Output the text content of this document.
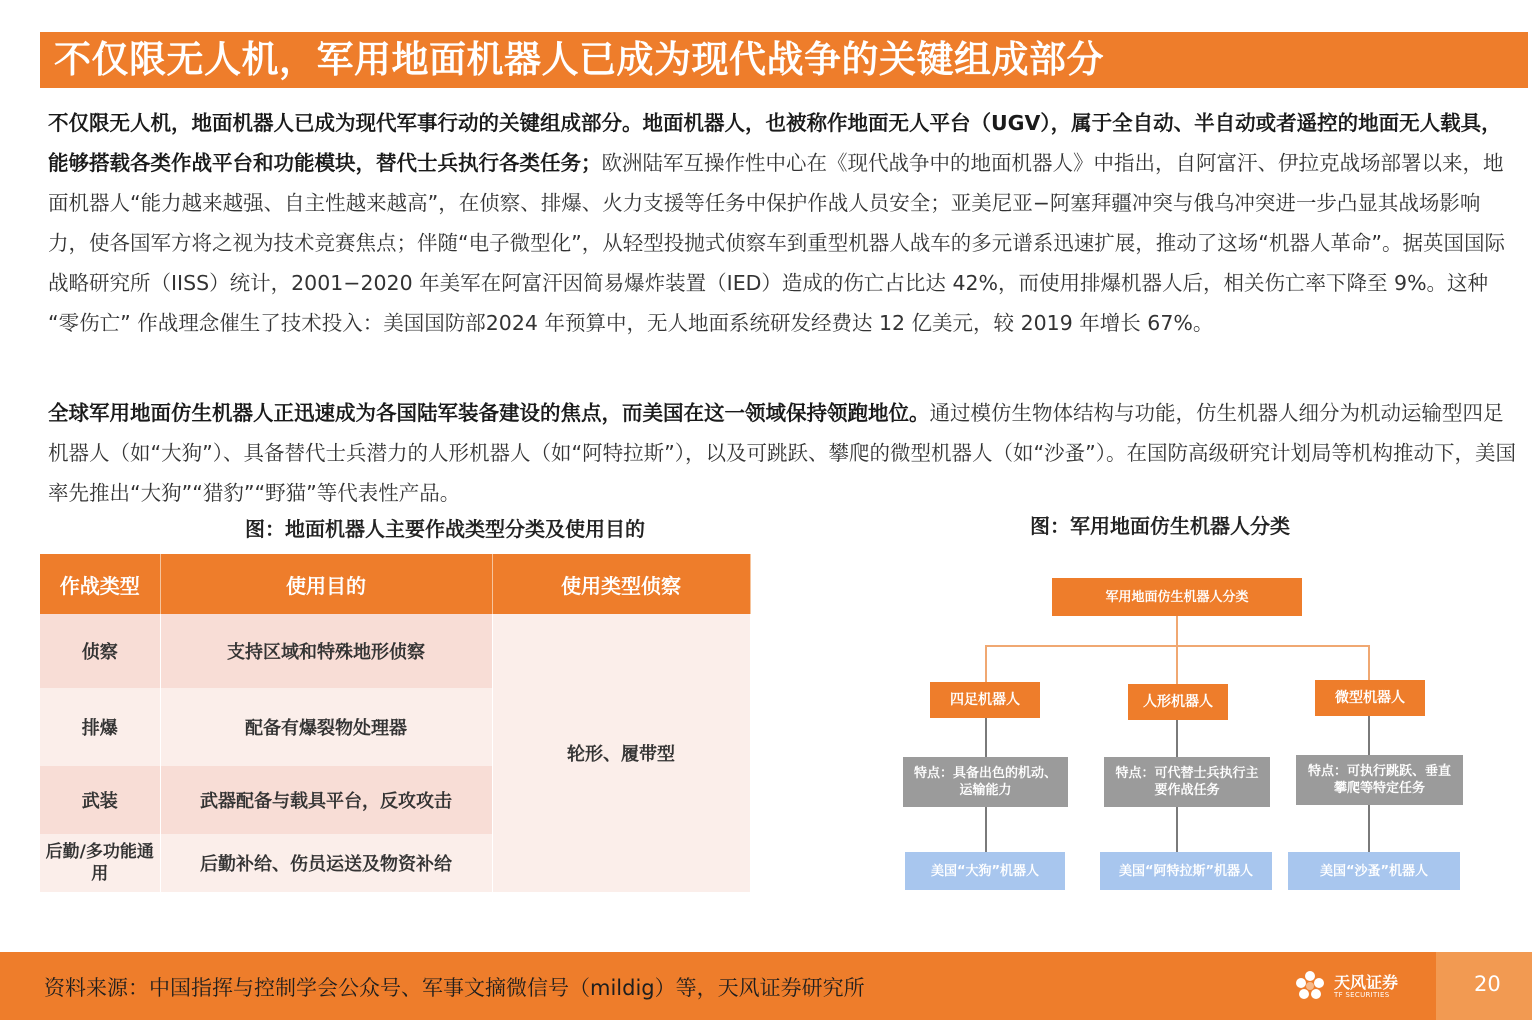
不仅限无人机，军用地面机器人已成为现代战争的关键组成部分

不仅限无人机，地面机器人已成为现代军事行动的关键组成部分。地面机器人，也被称作地面无人平台（UGV），属于全自动、半自动或者遥控的地面无人载具，能够搭载各类作战平台和功能模块，替代士兵执行各类任务；欧洲陆军互操作性中心在《现代战争中的地面机器人》中指出，自阿富汗、伊拉克战场部署以来，地面机器人“能力越来越强、自主性越来越高”，在侦察、排爆、火力支援等任务中保护作战人员安全；亚美尼亚−阿塞拜疆冲突与俄乌冲突进一步凸显其战场影响力，使各国军方将之视为技术竞赛焦点；伴随“电子微型化”，从轻型投抛式侦察车到重型机器人战车的多元谱系迅速扩展，推动了这场“机器人革命”。据英国国际战略研究所（IISS）统计，2001−2020 年美军在阿富汗因简易爆炸装置（IED）造成的伤亡占比达 42%，而使用排爆机器人后，相关伤亡率下降至 9%。这种 “零伤亡” 作战理念催生了技术投入：美国国防部2024 年预算中，无人地面系统研发经费达 12 亿美元，较 2019 年增长 67%。

全球军用地面仿生机器人正迅速成为各国陆军装备建设的焦点，而美国在这一领域保持领跑地位。通过模仿生物体结构与功能，仿生机器人细分为机动运输型四足机器人（如“大狗”）、具备替代士兵潜力的人形机器人（如“阿特拉斯”），以及可跳跃、攀爬的微型机器人（如“沙蚤”）。在国防高级研究计划局等机构推动下，美国率先推出“大狗”“猎豹”“野猫”等代表性产品。

图：地面机器人主要作战类型分类及使用目的	图：军用地面仿生机器人分类
作战类型	使用目的	使用类型侦察
侦察	支持区域和特殊地形侦察	轮形、履带型
排爆	配备有爆裂物处理器	
武装	武器配备与载具平台，反攻攻击	
后勤/多功能通用	后勤补给、伤员运送及物资补给	
军用地面仿生机器人分类
四足机器人	人形机器人	微型机器人
特点：具备出色的机动、运输能力
特点：可代替士兵执行主要作战任务
特点：可执行跳跃、垂直攀爬等特定任务
美国“大狗”机器人	美国“阿特拉斯”机器人	美国“沙蚤”机器人
资料来源：中国指挥与控制学会公众号、军事文摘微信号（mildig）等，天风证券研究所	天风证券
TF SECURITIES	20
